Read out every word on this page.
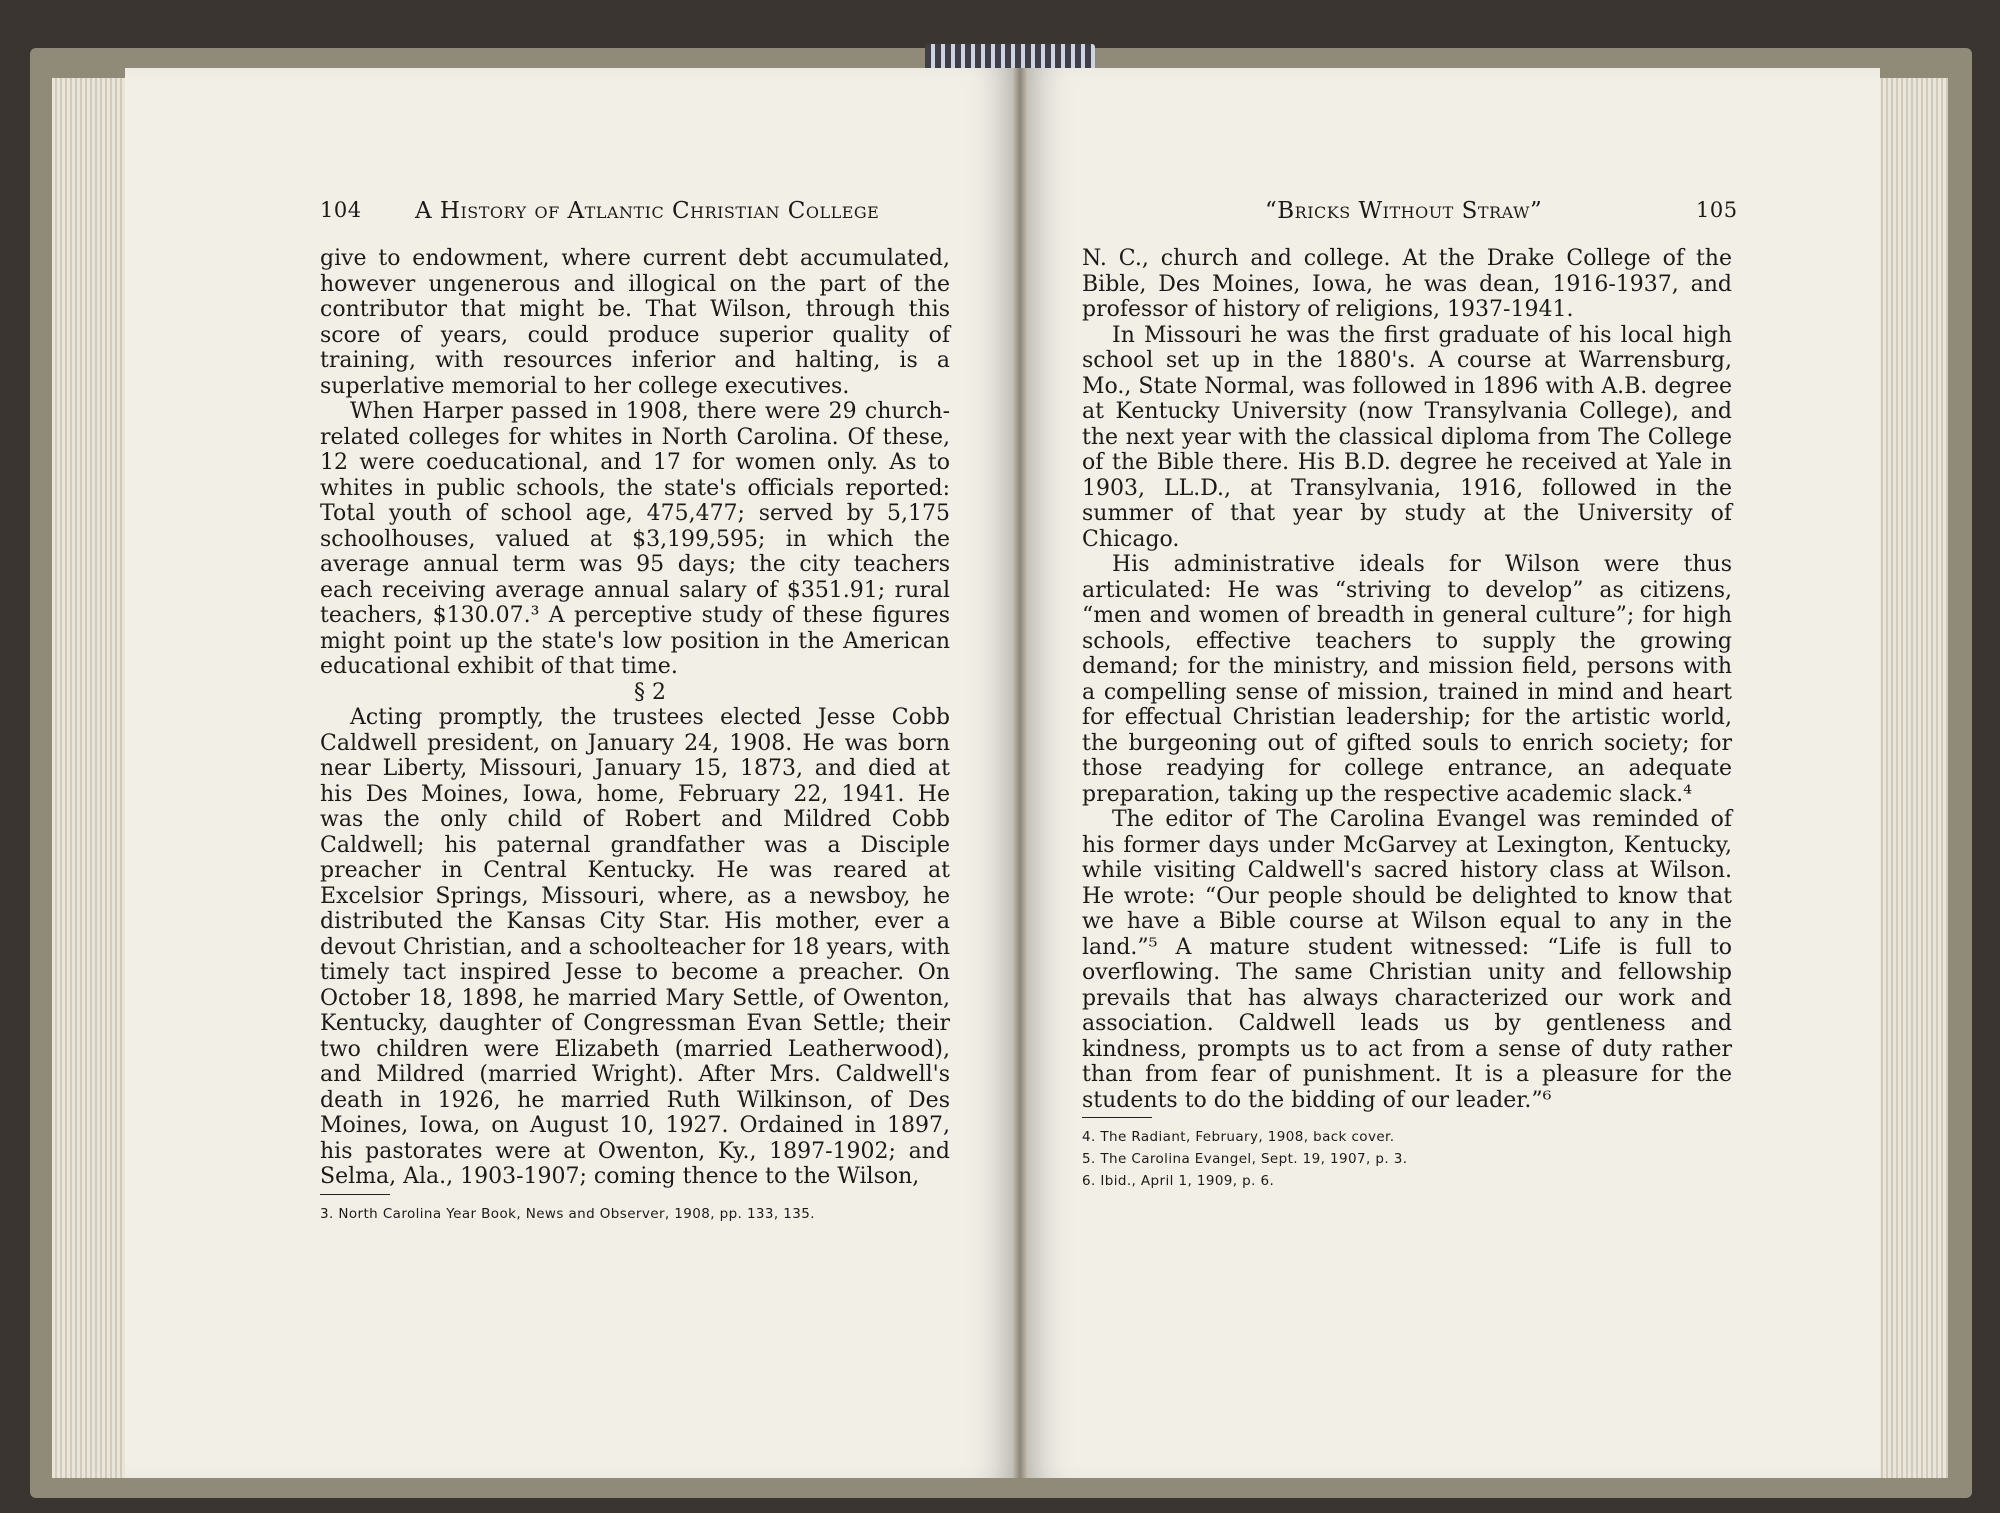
104 A History of Atlantic Christian College

give to endowment, where current debt accumulated, however ungenerous and illogical on the part of the contributor that might be. That Wilson, through this score of years, could produce superior quality of training, with resources inferior and halting, is a superlative memorial to her college executives.

When Harper passed in 1908, there were 29 church-related colleges for whites in North Carolina. Of these, 12 were coeducational, and 17 for women only. As to whites in public schools, the state's officials reported: Total youth of school age, 475,477; served by 5,175 schoolhouses, valued at $3,199,595; in which the average annual term was 95 days; the city teachers each receiving average annual salary of $351.91; rural teachers, $130.07.³ A perceptive study of these figures might point up the state's low position in the American educational exhibit of that time.

§ 2

Acting promptly, the trustees elected Jesse Cobb Caldwell president, on January 24, 1908. He was born near Liberty, Missouri, January 15, 1873, and died at his Des Moines, Iowa, home, February 22, 1941. He was the only child of Robert and Mildred Cobb Caldwell; his paternal grandfather was a Disciple preacher in Central Kentucky. He was reared at Excelsior Springs, Missouri, where, as a newsboy, he distributed the Kansas City Star. His mother, ever a devout Christian, and a schoolteacher for 18 years, with timely tact inspired Jesse to become a preacher. On October 18, 1898, he married Mary Settle, of Owenton, Kentucky, daughter of Congressman Evan Settle; their two children were Elizabeth (married Leatherwood), and Mildred (married Wright). After Mrs. Caldwell's death in 1926, he married Ruth Wilkinson, of Des Moines, Iowa, on August 10, 1927. Ordained in 1897, his pastorates were at Owenton, Ky., 1897-1902; and Selma, Ala., 1903-1907; coming thence to the Wilson,

3. North Carolina Year Book, News and Observer, 1908, pp. 133, 135.
“Bricks Without Straw”	105

N. C., church and college. At the Drake College of the Bible, Des Moines, Iowa, he was dean, 1916-1937, and professor of history of religions, 1937-1941.

In Missouri he was the first graduate of his local high school set up in the 1880's. A course at Warrensburg, Mo., State Normal, was followed in 1896 with A.B. degree at Kentucky University (now Transylvania College), and the next year with the classical diploma from The College of the Bible there. His B.D. degree he received at Yale in 1903, LL.D., at Transylvania, 1916, followed in the summer of that year by study at the University of Chicago.

His administrative ideals for Wilson were thus articulated: He was “striving to develop” as citizens, “men and women of breadth in general culture”; for high schools, effective teachers to supply the growing demand; for the ministry, and mission field, persons with a compelling sense of mission, trained in mind and heart for effectual Christian leadership; for the artistic world, the burgeoning out of gifted souls to enrich society; for those readying for college entrance, an adequate preparation, taking up the respective academic slack.⁴

The editor of The Carolina Evangel was reminded of his former days under McGarvey at Lexington, Kentucky, while visiting Caldwell's sacred history class at Wilson. He wrote: “Our people should be delighted to know that we have a Bible course at Wilson equal to any in the land.”⁵ A mature student witnessed: “Life is full to overflowing. The same Christian unity and fellowship prevails that has always characterized our work and association. Caldwell leads us by gentleness and kindness, prompts us to act from a sense of duty rather than from fear of punishment. It is a pleasure for the students to do the bidding of our leader.”⁶

4. The Radiant, February, 1908, back cover.
5. The Carolina Evangel, Sept. 19, 1907, p. 3.
6. Ibid., April 1, 1909, p. 6.
